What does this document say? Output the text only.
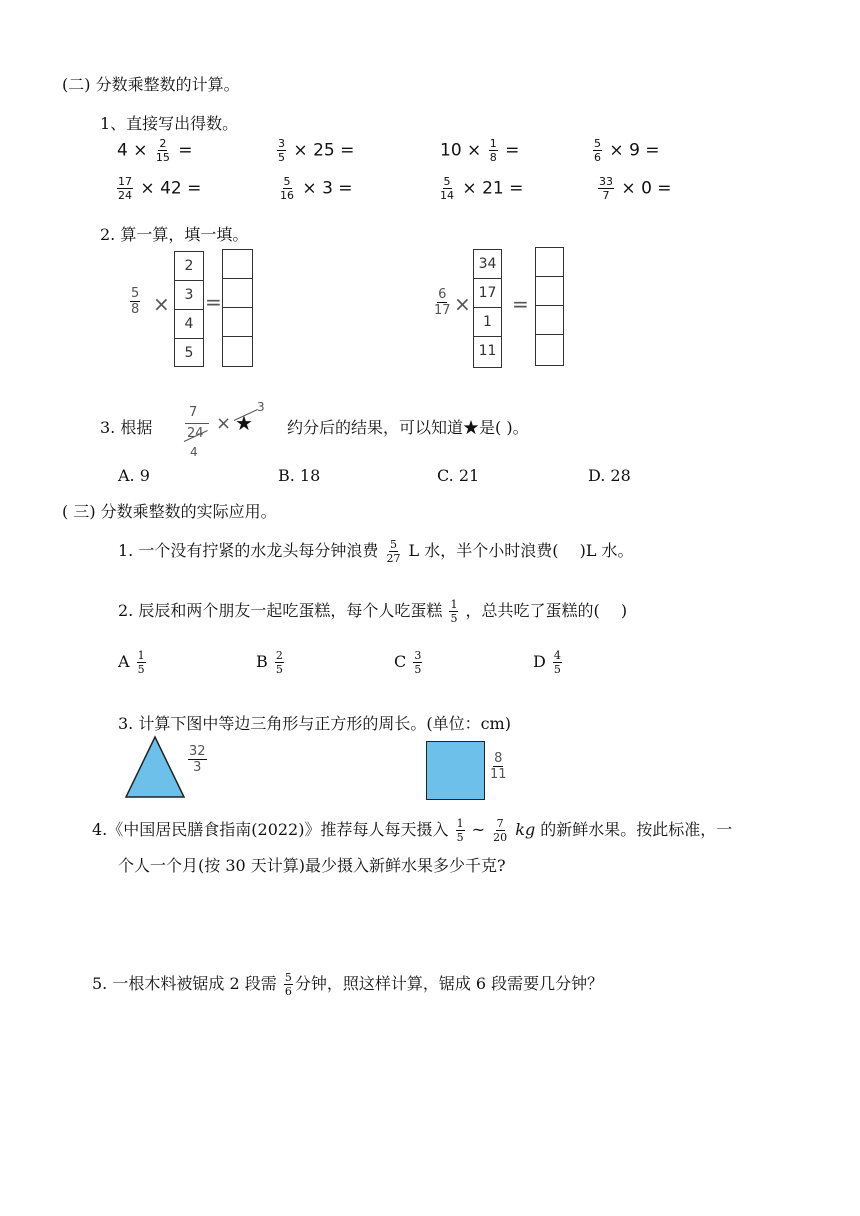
(二) 分数乘整数的计算。
1、直接写出得数。
$4 \times \frac{2}{15}$ =	$\frac{3}{5} \times 25$ =	$10 \times \frac{1}{8}$ =	$\frac{5}{6} \times 9$ =
$\frac{17}{24} \times 42$ =	$\frac{5}{16} \times 3$ =	$\frac{5}{14} \times 21$ =	$\frac{33}{7} \times 0$ =
2. 算一算，填一填。
$\frac{5}{8}$ ×
2
3
4
5
=	$\frac{6}{17}$ ×
34
17
1
11
=
3. 根据
7
24
4
× ★
3
约分后的结果，可以知道★是( )。
A. 9	B. 18	C. 21	D. 28
( 三) 分数乘整数的实际应用。
1. 一个没有拧紧的水龙头每分钟浪费 $\frac{5}{27}$ L 水，半个小时浪费(　 )L 水。
2. 辰辰和两个朋友一起吃蛋糕，每个人吃蛋糕 $\frac{1}{5}$ ，总共吃了蛋糕的(　 )
A $\frac{1}{5}$	B $\frac{2}{5}$	C $\frac{3}{5}$	D $\frac{4}{5}$
3. 计算下图中等边三角形与正方形的周长。(单位：cm)
$\frac{32}{3}$	$\frac{8}{11}$
4.《中国居民膳食指南(2022)》推荐每人每天摄入 $\frac{1}{5}$ ~ $\frac{7}{20}$ kg 的新鲜水果。按此标准，一
个人一个月(按 30 天计算)最少摄入新鲜水果多少千克?
5. 一根木料被锯成 2 段需 $\frac{5}{6}$ 分钟，照这样计算，锯成 6 段需要几分钟？
